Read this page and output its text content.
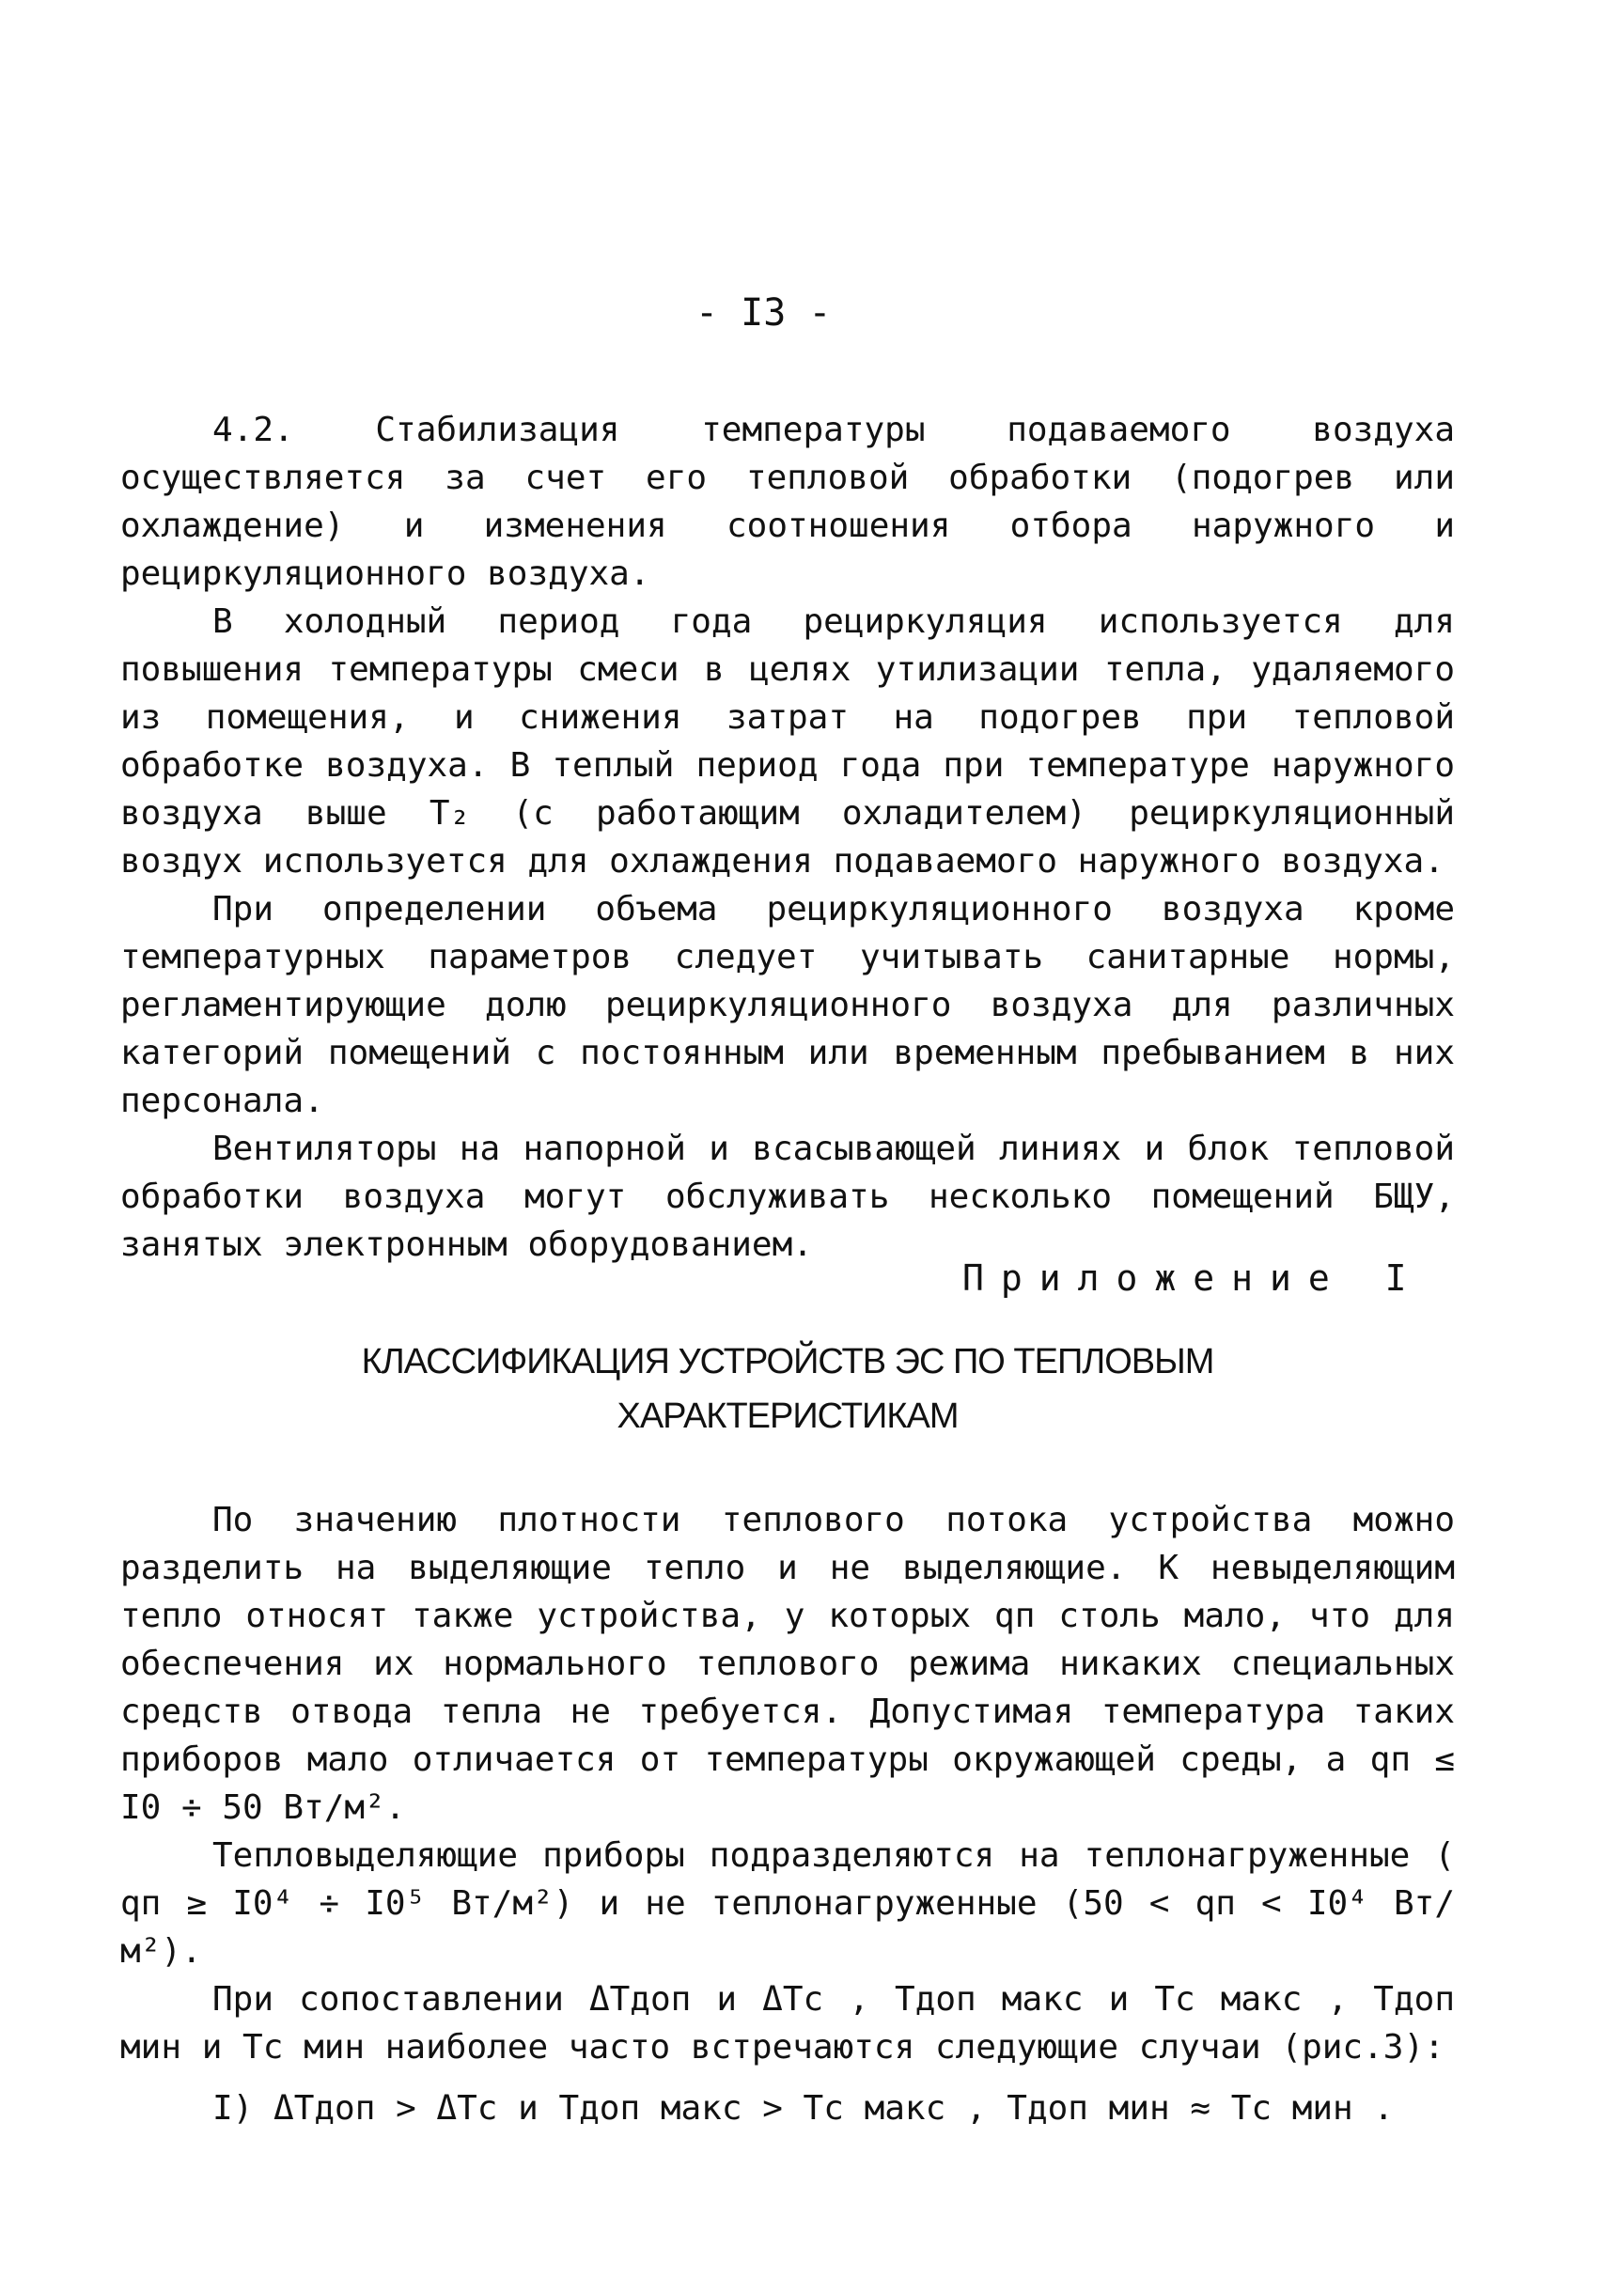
- I3 -

4.2. Стабилизация температуры подаваемого воздуха осуществляется за счет его тепловой обработки (подогрев или охлаждение) и изменения соотношения отбора наружного и рециркуляционного воздуха.

В холодный период года рециркуляция используется для повышения температуры смеси в целях утилизации тепла, удаляемого из помещения, и снижения затрат на подогрев при тепловой обработке воздуха. В теплый период года при температуре наружного воздуха выше T₂ (с работающим охладителем) рециркуляционный воздух используется для охлаждения подаваемого наружного воздуха.

При определении объема рециркуляционного воздуха кроме температурных параметров следует учитывать санитарные нормы, регламентирующие долю рециркуляционного воздуха для различных категорий помещений с постоянным или временным пребыванием в них персонала.

Вентиляторы на напорной и всасывающей линиях и блок тепловой обработки воздуха могут обслуживать несколько помещений БЩУ, занятых электронным оборудованием.

Приложение I
КЛАССИФИКАЦИЯ УСТРОЙСТВ ЭС ПО ТЕПЛОВЫМ
ХАРАКТЕРИСТИКАМ

По значению плотности теплового потока устройства можно разделить на выделяющие тепло и не выделяющие. К невыделяющим тепло относят также устройства, у которых qп столь мало, что для обеспечения их нормального теплового режима никаких специальных средств отвода тепла не требуется. Допустимая температура таких приборов мало отличается от температуры окружающей среды, а qп ≤ I0 ÷ 50 Вт/м².

Тепловыделяющие приборы подразделяются на теплонагруженные ( qп ≥ I0⁴ ÷ I0⁵ Вт/м²) и не теплонагруженные (50 < qп < I0⁴ Вт/м²).

При сопоставлении ΔTдоп и ΔTс , Tдоп макс и Tс макс , Tдоп мин и Tс мин наиболее часто встречаются следующие случаи (рис.3):

I) ΔTдоп > ΔTс и Tдоп макс > Tс макс , Tдоп мин ≈ Tс мин .
